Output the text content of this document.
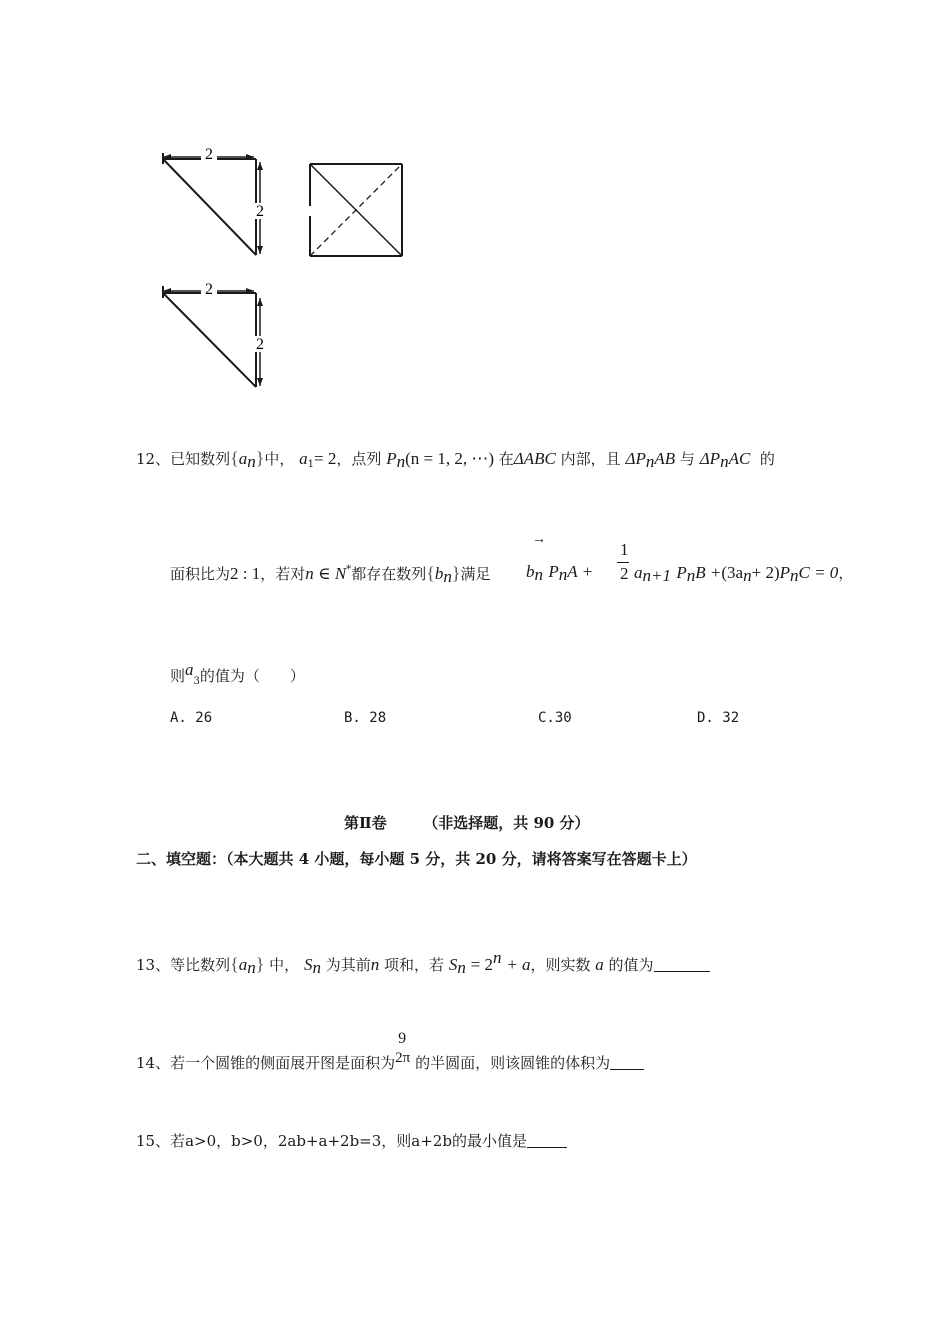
2
2
2
2
12、已知数列$\{a_n\}$中， $a_1= 2$，点列 $P_n(n = 1$, 2, ⋯) 在ΔABC 内部，且 $\Delta P_nAB$ 与 $\Delta P_nAC$ 的
面积比为2 : 1，若对n ∈ N*都存在数列$\{b_n\}$满足
→
$b_n$ $P_nA$ +
1
2 $a_{n+1}$ $P_nB +(3a_n+ 2)P_nC = 0$，
则$a_3$的值为（　　）
A. 26	B. 28	C.30	D. 32
第Ⅱ卷 （非选择题，共 90 分）
二、填空题：（本大题共 4 小题，每小题 5 分，共 20 分，请将答案写在答题卡上）
13、等比数列$\{a_n\}$ 中， $S_n$ 为其前n 项和，若 $S_n = 2^n + a$，则实数 a 的值为
14、若一个圆锥的侧面展开图是面积为
9
2π 的半圆面，则该圆锥的体积为
15、若a>0，b>0，2ab+a+2b=3，则a+2b的最小值是
